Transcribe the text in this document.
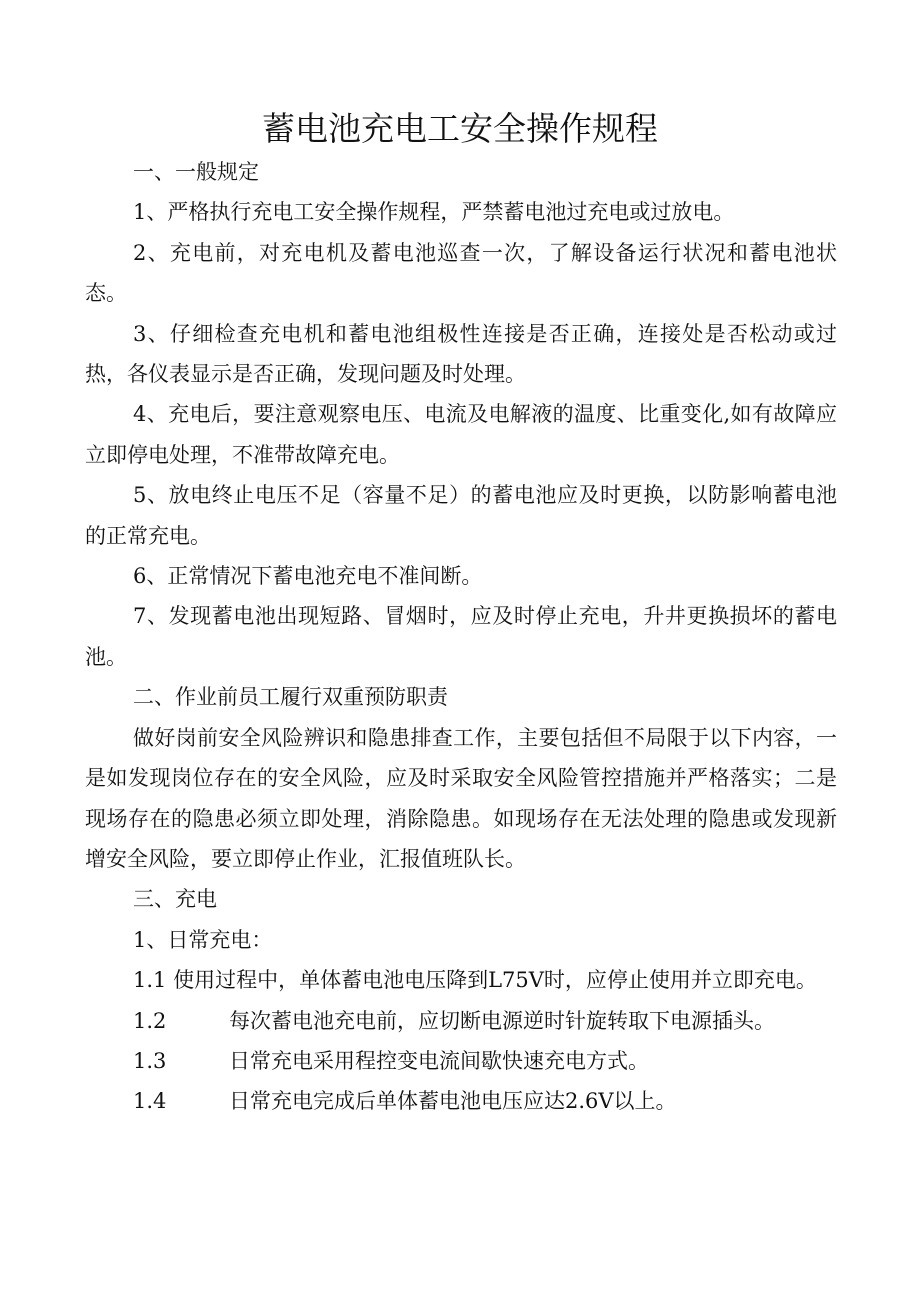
蓄电池充电工安全操作规程

一、一般规定

1、严格执行充电工安全操作规程，严禁蓄电池过充电或过放电。

2、充电前，对充电机及蓄电池巡查一次，了解设备运行状况和蓄电池状态。

3、仔细检查充电机和蓄电池组极性连接是否正确，连接处是否松动或过热，各仪表显示是否正确，发现问题及时处理。

4、充电后，要注意观察电压、电流及电解液的温度、比重变化,如有故障应立即停电处理，不准带故障充电。

5、放电终止电压不足（容量不足）的蓄电池应及时更换，以防影响蓄电池的正常充电。

6、正常情况下蓄电池充电不准间断。

7、发现蓄电池出现短路、冒烟时，应及时停止充电，升井更换损坏的蓄电池。

二、作业前员工履行双重预防职责

做好岗前安全风险辨识和隐患排查工作，主要包括但不局限于以下内容，一是如发现岗位存在的安全风险，应及时采取安全风险管控措施并严格落实；二是现场存在的隐患必须立即处理，消除隐患。如现场存在无法处理的隐患或发现新增安全风险，要立即停止作业，汇报值班队长。

三、充电

1、日常充电：

1.1 使用过程中，单体蓄电池电压降到L75V时，应停止使用并立即充电。

1.2	每次蓄电池充电前，应切断电源逆时针旋转取下电源插头。

1.3	日常充电采用程控变电流间歇快速充电方式。

1.4	日常充电完成后单体蓄电池电压应达2.6V以上。
